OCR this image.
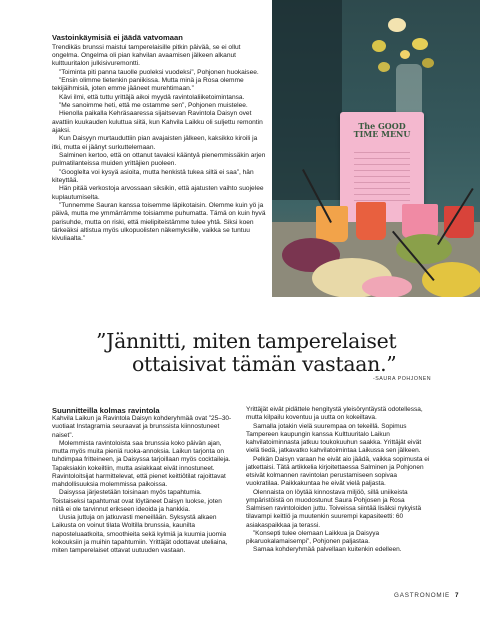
Vastoinkäymisiä ei jäädä vatvomaan

Trendikäs brunssi maistui tamperelaisille pitkin päivää, se ei ollut ongelma. Ongelma oli pian kahvilan avaamisen jälkeen alkanut kulttuuritalon julkisivuremontti.

”Toiminta piti panna tauolle puoleksi vuodeksi”, Pohjonen huokaisee.

”Ensin olimme tietenkin paniikissa. Mutta minä ja Rosa olemme tekijäihmisiä, joten emme jääneet murehtimaan.”

Kävi ilmi, että tuttu yrittäjä aikoi myydä ravintolaliiketoimintansa.

”Me sanoimme heti, että me ostamme sen”, Pohjonen muistelee.

Hienolla paikalla Kehräsaaressa sijaitsevan Ravintola Daisyn ovet avattiin kuukauden kuluttua siitä, kun Kahvila Laikku oli suljettu remontin ajaksi.

Kun Daisyyn murtauduttiin pian avajaisten jälkeen, kaksikko kiroili ja itki, mutta ei jäänyt surkuttelemaan.

Salminen kertoo, että on ottanut tavaksi kääntyä pienemmissäkin arjen pulmatilanteissa muiden yrittäjien puoleen.

”Googlelta voi kysyä asioita, mutta henkistä tukea siltä ei saa”, hän kiteyttää.

Hän pitää verkostoja arvossaan siksikin, että ajatusten vaihto suojelee kuplautumiselta.

”Tunnemme Sauran kanssa toisemme läpikotaisin. Olemme kuin yö ja päivä, mutta me ymmärrämme toisiamme puhumatta. Tämä on kuin hyvä parisuhde, mutta on riski, että mielipiteistämme tulee yhtä. Siksi koen tärkeäksi altistua myös ulkopuolisten näkemyksille, vaikka se tuntuu kivuliaalta.”

The GOOD TIME MENU
”Jännitti, miten tamperelaiset
ottaisivat tämän vastaan.”
-SAURA POHJONEN
Suunnitteilla kolmas ravintola

Kahvila Laikun ja Ravintola Daisyn kohderyhmää ovat ”25–30-vuotiaat Instagramia seuraavat ja brunssista kiinnostuneet naiset”.

Molemmista ravintoloista saa brunssia koko päivän ajan, mutta myös muita pieniä ruoka-annoksia. Laikun tarjonta on tuhdimpaa fritteineen, ja Daisyssa tarjoillaan myös cocktaileja. Tapaksiakin kokeiltiin, mutta asiakkaat eivät innostuneet. Ravintoloitsijat harmittelevat, että pienet keittiötilat rajoittavat mahdollisuuksia molemmissa paikoissa.

Daisyssa järjestetään toisinaan myös tapahtumia. Toistaiseksi tapahtumat ovat löytäneet Daisyn luokse, joten niitä ei ole tarvinnut erikseen ideoida ja hankkia.

Uusia juttuja on jatkuvasti meneillään. Syksystä alkaen Laikusta on voinut tilata Woltilla brunssia, kaunilta naposteluaatkoita, smoothieita sekä kylmiä ja kuumia juomia kokouksiin ja muihin tapahtumiin. Yrittäjät odottavat uteliaina, miten tamperelaiset ottavat uutuuden vastaan.

Yrittäjät eivät pidättele hengitystä yleisöryntäystä odotellessa, mutta kilpailu koventuu ja uutta on kokeiltava.

Samalla jotakin vielä suurempaa on tekeillä. Sopimus Tampereen kaupungin kanssa Kulttuuritalo Laikun kahvilatoiminnasta jatkuu toukokuuhun saakka. Yrittäjät eivät vielä tiedä, jatkavatko kahvilatoimintaa Laikussa sen jälkeen.

Pelkän Daisyn varaan he eivät aio jäädä, vaikka sopimusta ei jatkettaisi. Tätä artikkelia kirjoitettaessa Salminen ja Pohjonen etsivät kolmannen ravintolan perustamiseen sopivaa vuokratilaa. Paikkakuntaa he eivät vielä paljasta.

Olennaista on löytää kinnostava miljöö, sillä uniikeista ympäristöistä on muodostunut Saura Pohjosen ja Rosa Salmisen ravintoloiden juttu. Toiveissa siintää lisäksi nykyistä tilavampi keittiö ja muutenkin suurempi kapasiteetti: 60 asiakaspaikkaa ja terassi.

”Konsepti tulee olemaan Laikkua ja Daisyya pikaruokalamaisempi”, Pohjonen paljastaa.

Samaa kohderyhmää palvellaan kuitenkin edelleen.

GASTRONOMIE 7
